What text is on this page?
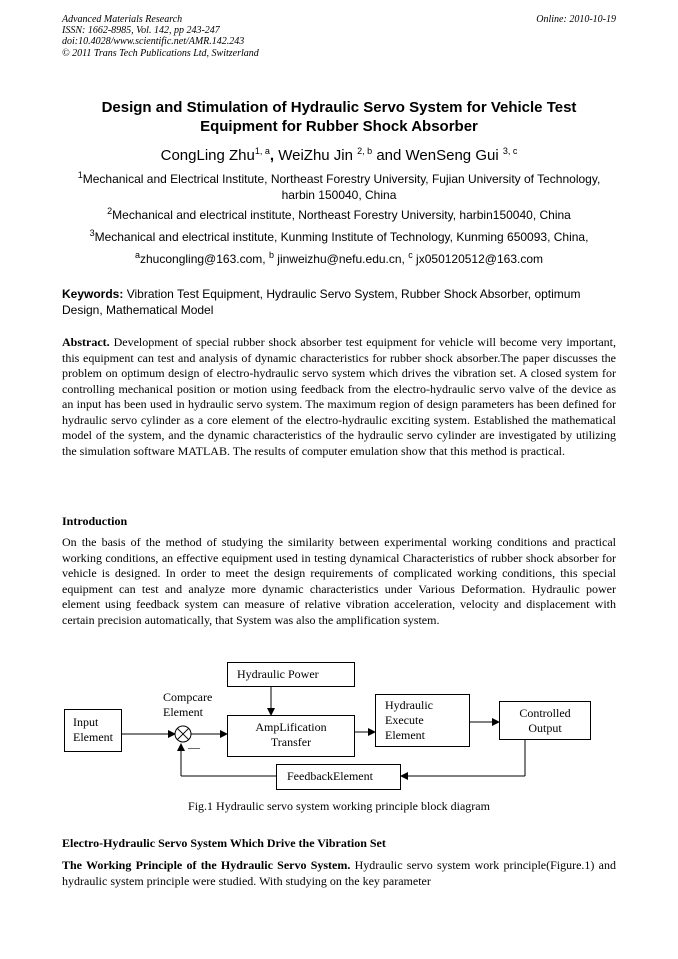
Advanced Materials Research
ISSN: 1662-8985, Vol. 142, pp 243-247
doi:10.4028/www.scientific.net/AMR.142.243
© 2011 Trans Tech Publications Ltd, Switzerland
Online: 2010-10-19
Design and Stimulation of Hydraulic Servo System for Vehicle Test
Equipment for Rubber Shock Absorber
CongLing Zhu$^{1, a}$, WeiZhu Jin $^{2, b}$ and WenSeng Gui $^{3, c}$
$^1$Mechanical and Electrical Institute, Northeast Forestry University, Fujian University of Technology,
harbin 150040, China
$^2$Mechanical and electrical institute, Northeast Forestry University, harbin150040, China
$^3$Mechanical and electrical institute, Kunming Institute of Technology, Kunming 650093, China,
$^a$zhucongling@163.com, $^b$ jinweizhu@nefu.edu.cn, $^c$ jx050120512@163.com
Keywords: Vibration Test Equipment, Hydraulic Servo System, Rubber Shock Absorber, optimum Design, Mathematical Model
Abstract. Development of special rubber shock absorber test equipment for vehicle will become very important, this equipment can test and analysis of dynamic characteristics for rubber shock absorber.The paper discusses the problem on optimum design of electro-hydraulic servo system which drives the vibration set. A closed system for controlling mechanical position or motion using feedback from the electro-hydraulic servo valve of the device as an input has been used in hydraulic servo system. The maximum region of design parameters has been defined for hydraulic servo cylinder as a core element of the electro-hydraulic exciting system. Established the mathematical model of the system, and the dynamic characteristics of the hydraulic servo cylinder are investigated by utilizing the simulation software MATLAB. The results of computer emulation show that this method is practical.
Introduction
On the basis of the method of studying the similarity between experimental working conditions and practical working conditions, an effective equipment used in testing dynamical Characteristics of rubber shock absorber for vehicle is designed. In order to meet the design requirements of complicated working conditions, this special equipment can test and analyze more dynamic characteristics under Various Deformation. Hydraulic power element using feedback system can measure of relative vibration acceleration, velocity and displacement with certain precision automatically, that System was also the amplification system.
Hydraulic Power
Compcare
Element
Input
Element
—
AmpLification
Transfer
Hydraulic
Execute
Element
Controlled
Output
FeedbackElement
Fig.1 Hydraulic servo system working principle block diagram
Electro-Hydraulic Servo System Which Drive the Vibration Set
The Working Principle of the Hydraulic Servo System. Hydraulic servo system work principle(Figure.1) and hydraulic system principle were studied. With studying on the key parameter
